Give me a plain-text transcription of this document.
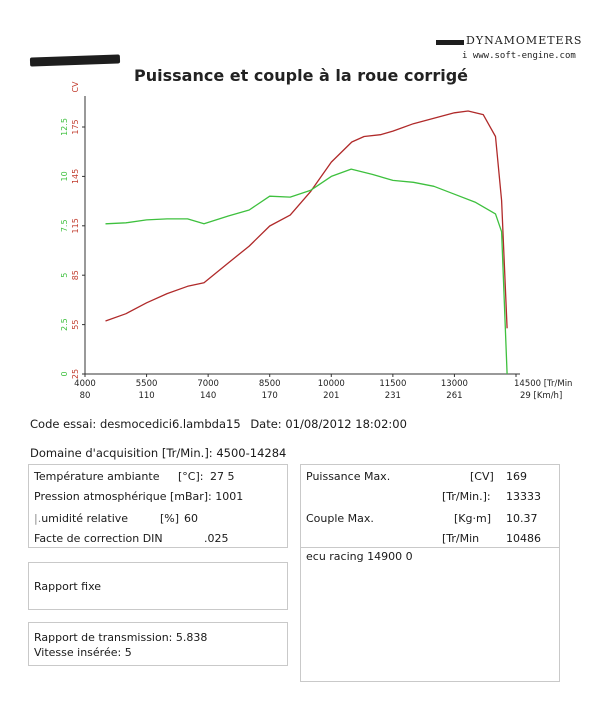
DYNAMOMETERS
i www.soft-engine.com
Puissance et couple à la roue corrigé
0 25
2.5 55
5 85
7.5 115
10 145
12.5 175
CV
4000
80
5500
110
7000
140
8500
170
10000
201
11500
231
13000
261
14500 [Tr/Min
29 [Km/h]
Code essai: desmocedici6.lambda15 Date: 01/08/2012 18:02:00
Domaine d'acquisition [Tr/Min.]: 4500-14284
Température ambiante [°C]: 27 5
Pression atmosphérique [mBar]: 1001
|.umidité relative	[%] 60
Facte de correction DIN	.025
Puissance Max.	[CV] 169
[Tr/Min.]: 13333
Couple Max.	[Kg·m] 10.37
[Tr/Min 10486
ecu racing 14900 0
Rapport fixe
Rapport de transmission: 5.838
Vitesse insérée: 5
